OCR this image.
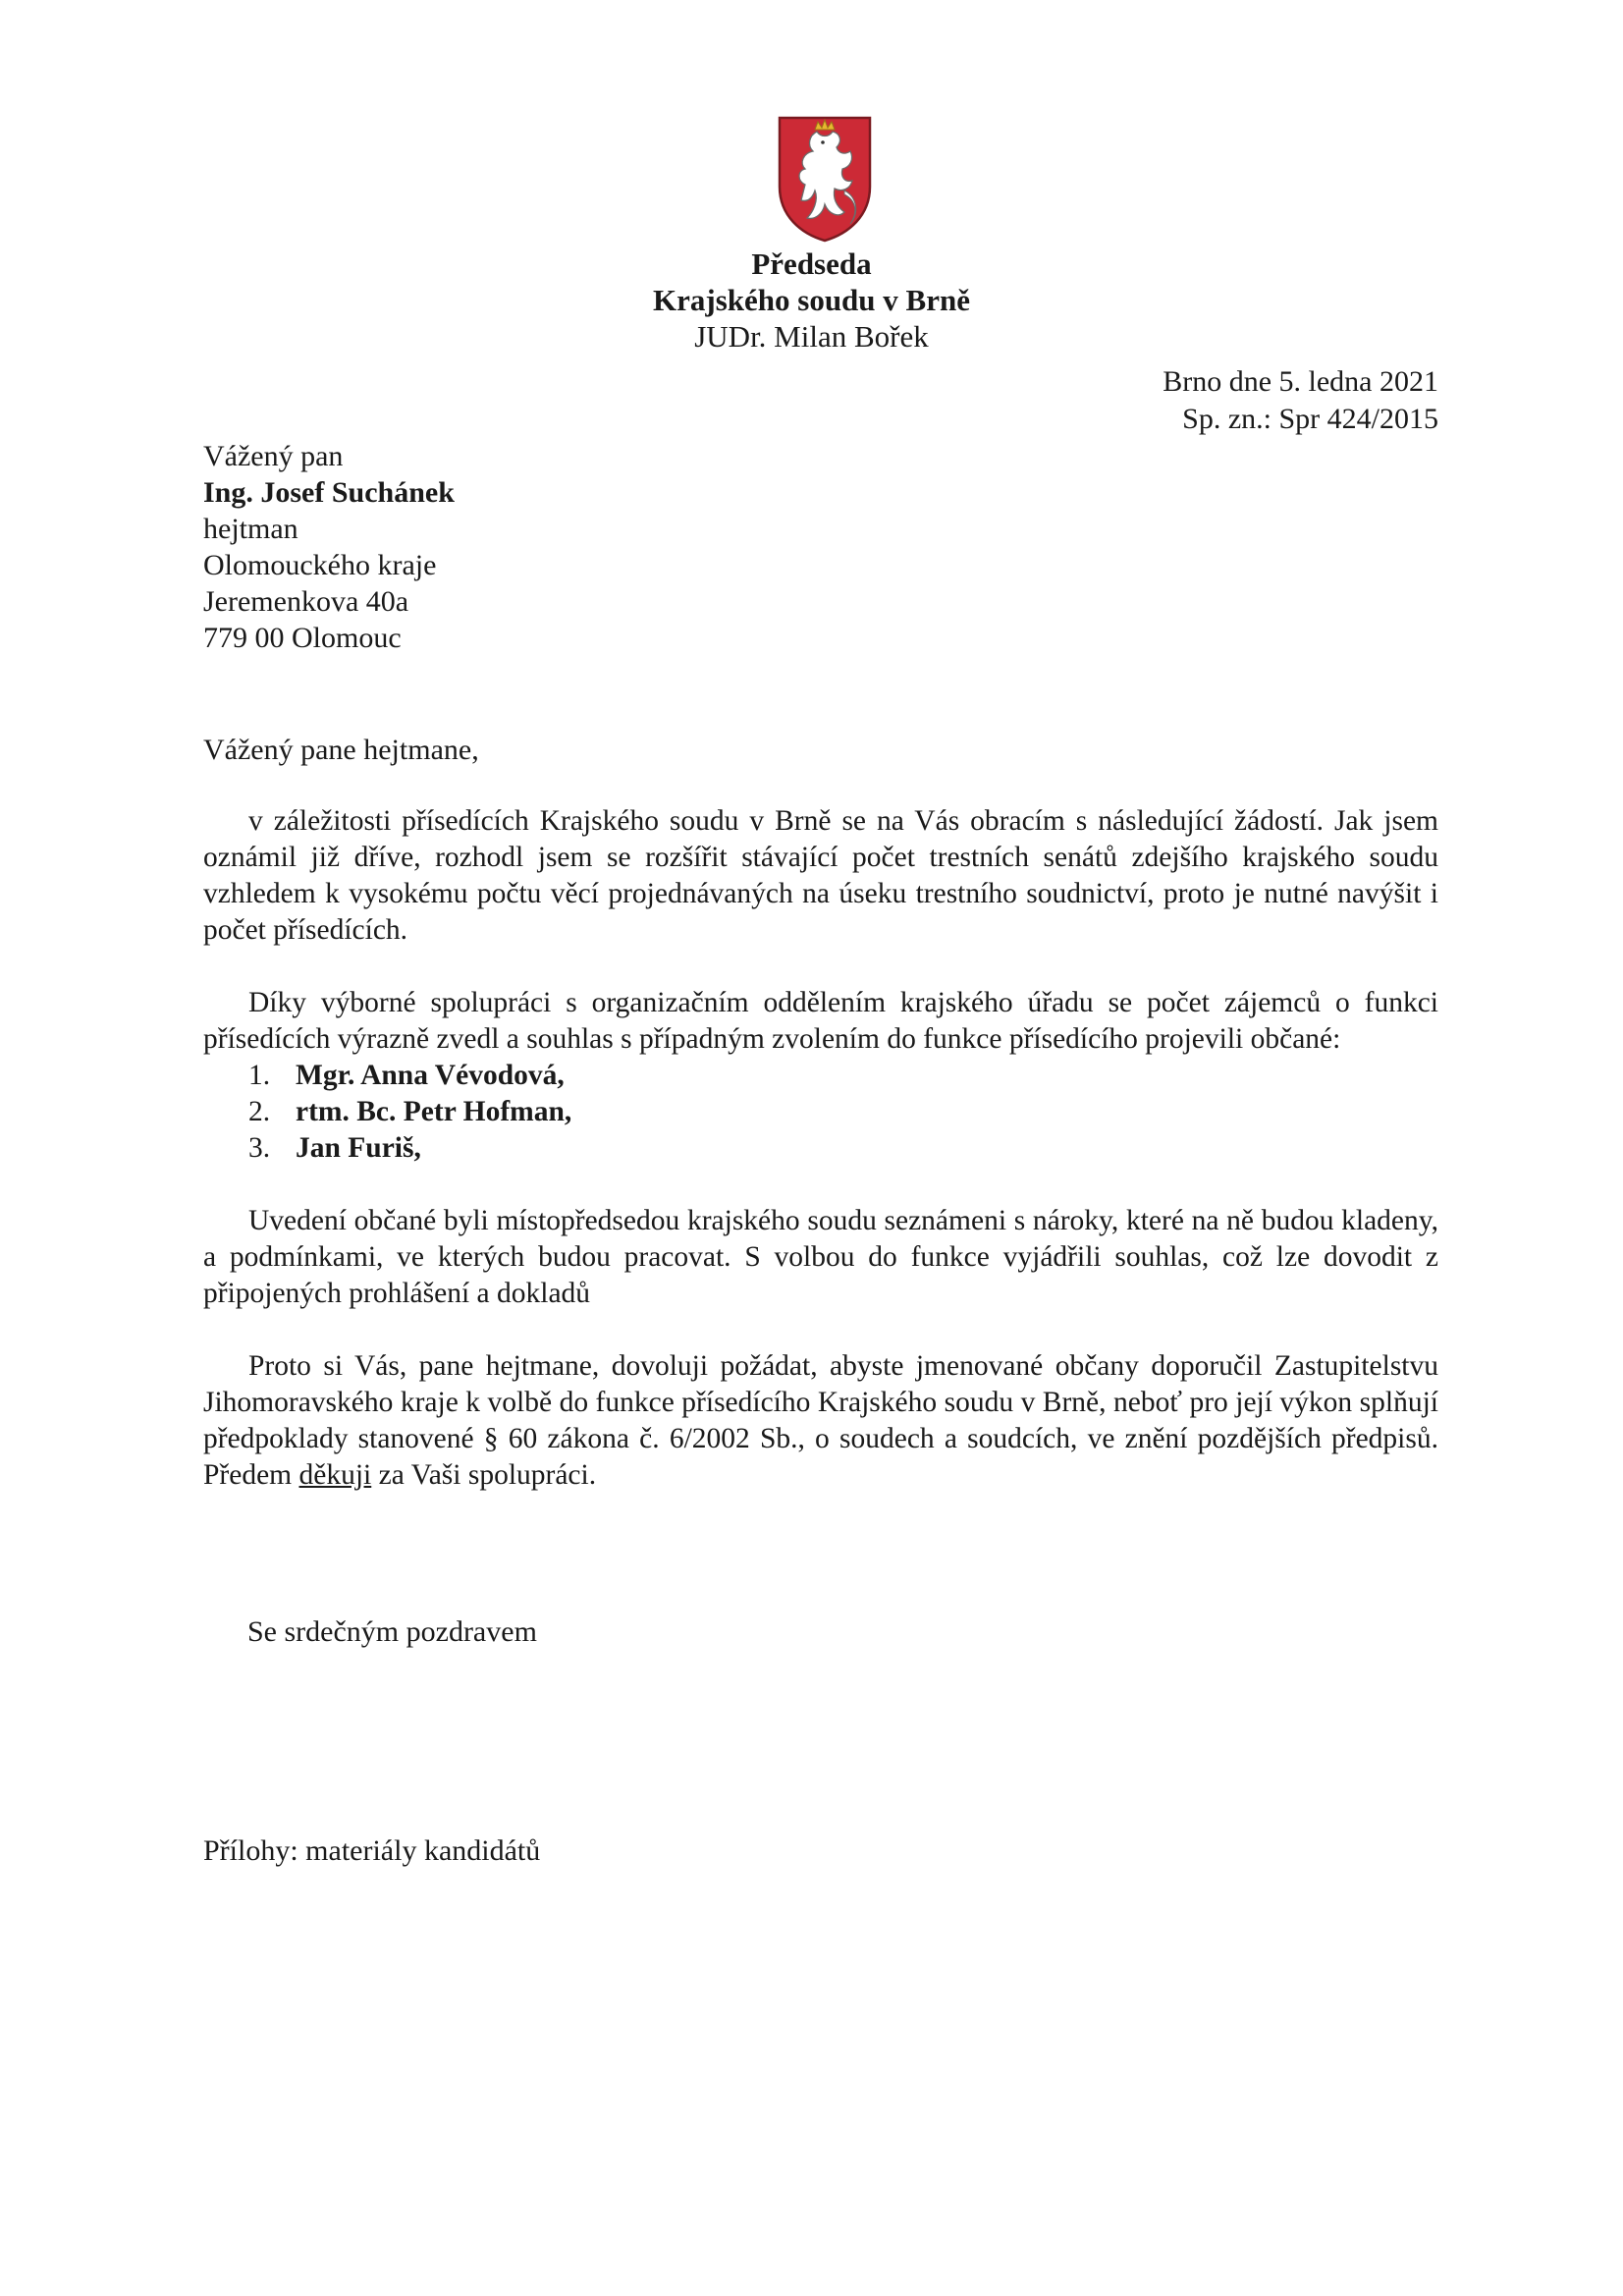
Předseda
Krajského soudu v Brně
JUDr. Milan Bořek
Brno dne 5. ledna 2021
Sp. zn.: Spr 424/2015
Vážený pan
Ing. Josef Suchánek
hejtman
Olomouckého kraje
Jeremenkova 40a
779 00 Olomouc
Vážený pane hejtmane,

v záležitosti přísedících Krajského soudu v Brně se na Vás obracím s následující žádostí. Jak jsem oznámil již dříve, rozhodl jsem se rozšířit stávající počet trestních senátů zdejšího krajského soudu vzhledem k vysokému počtu věcí projednávaných na úseku trestního soudnictví, proto je nutné navýšit i počet přísedících.

Díky výborné spolupráci s organizačním oddělením krajského úřadu se počet zájemců o funkci přísedících výrazně zvedl a souhlas s případným zvolením do funkce přísedícího projevili občané:

1. Mgr. Anna Vévodová,
2. rtm. Bc. Petr Hofman,
3. Jan Furiš,

Uvedení občané byli místopředsedou krajského soudu seznámeni s nároky, které na ně budou kladeny, a podmínkami, ve kterých budou pracovat. S volbou do funkce vyjádřili souhlas, což lze dovodit z připojených prohlášení a dokladů

Proto si Vás, pane hejtmane, dovoluji požádat, abyste jmenované občany doporučil Zastupitelstvu Jihomoravského kraje k volbě do funkce přísedícího Krajského soudu v Brně, neboť pro její výkon splňují předpoklady stanovené § 60 zákona č. 6/2002 Sb., o soudech a soudcích, ve znění pozdějších předpisů. Předem děkuji za Vaši spolupráci.

Se srdečným pozdravem
Přílohy: materiály kandidátů
